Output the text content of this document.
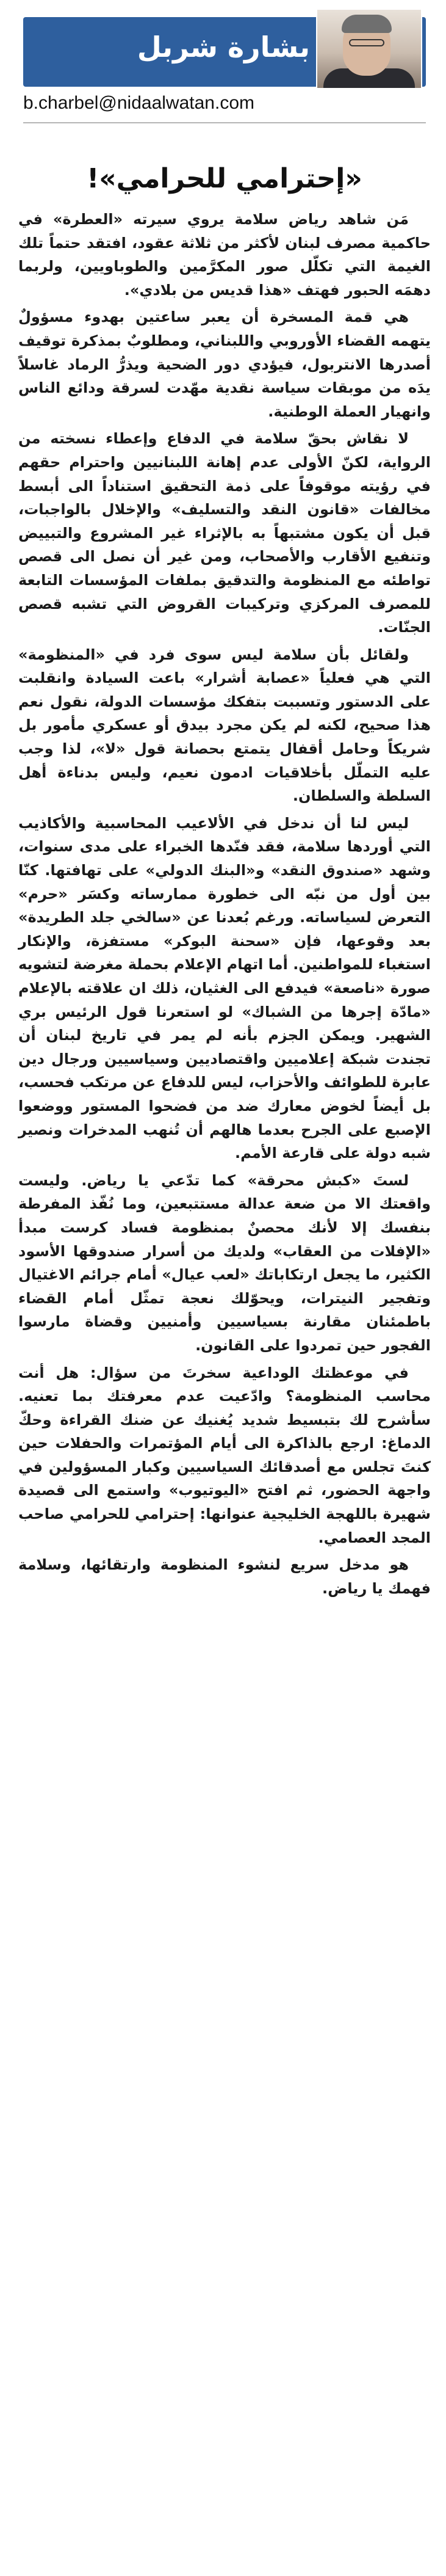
بشارة شربل
b.charbel@nidaalwatan.com
«إحترامي للحرامي»!

مَن شاهد رياض سلامة يروي سيرته «العطرة» في حاكمية مصرف لبنان لأكثر من ثلاثة عقود، افتقد حتماً تلك الغيمة التي تكلّل صور المكرَّمين والطوباويين، ولربما دهمَه الحبور فهتف «هذا قديس من بلادي».

هي قمة المسخرة أن يعبر ساعتين بهدوء مسؤولٌ يتهمه القضاء الأوروبي واللبناني، ومطلوبٌ بمذكرة توقيف أصدرها الانتربول، فيؤدي دور الضحية ويذرُّ الرماد غاسلاً يدَه من موبقات سياسة نقدية مهّدت لسرقة ودائع الناس وانهيار العملة الوطنية.

لا نقاش بحقّ سلامة في الدفاع وإعطاء نسخته من الرواية، لكنّ الأولى عدم إهانة اللبنانيين واحترام حقهم في رؤيته موقوفاً على ذمة التحقيق استناداً الى أبسط مخالفات «قانون النقد والتسليف» والإخلال بالواجبات، قبل أن يكون مشتبهاً به بالإثراء غير المشروع والتبييض وتنفيع الأقارب والأصحاب، ومن غير أن نصل الى قصص تواطئه مع المنظومة والتدقيق بملفات المؤسسات التابعة للمصرف المركزي وتركيبات القروض التي تشبه قصص الجنّات.

ولقائل بأن سلامة ليس سوى فرد في «المنظومة» التي هي فعلياً «عصابة أشرار» باعت السيادة وانقلبت على الدستور وتسببت بتفكك مؤسسات الدولة، نقول نعم هذا صحيح، لكنه لم يكن مجرد بيدق أو عسكري مأمور بل شريكاً وحامل أقفال يتمتع بحصانة قول «لا»، لذا وجب عليه التملّل بأخلاقيات ادمون نعيم، وليس بدناءة أهل السلطة والسلطان.

ليس لنا أن ندخل في الألاعيب المحاسبية والأكاذيب التي أوردها سلامة، فقد فنّدها الخبراء على مدى سنوات، وشهد «صندوق النقد» و«البنك الدولي» على تهافتها. كنّا بين أول من نبّه الى خطورة ممارساته وكسَر «حرم» التعرض لسياساته. ورغم بُعدنا عن «سالخي جلد الطريدة» بعد وقوعها، فإن «سحنة البوكر» مستفزة، والإنكار استغباء للمواطنين. أما اتهام الإعلام بحملة مغرضة لتشويه صورة «ناصعة» فيدفع الى الغثيان، ذلك ان علاقته بالإعلام «مادّة إجرها من الشباك» لو استعرنا قول الرئيس بري الشهير. ويمكن الجزم بأنه لم يمر في تاريخ لبنان أن تجندت شبكة إعلاميين واقتصاديين وسياسيين ورجال دين عابرة للطوائف والأحزاب، ليس للدفاع عن مرتكب فحسب، بل أيضاً لخوض معارك ضد من فضحوا المستور ووضعوا الإصبع على الجرح بعدما هالهم أن تُنهب المدخرات ونصير شبه دولة على قارعة الأمم.

لستَ «كبش محرقة» كما تدّعي يا رياض. وليست واقعتك الا من ضعة عدالة مستتبعين، وما نُفّذ المفرطة بنفسك إلا لأنك محصنٌ بمنظومة فساد كرست مبدأ «الإفلات من العقاب» ولديك من أسرار صندوقها الأسود الكثير، ما يجعل ارتكاباتك «لعب عيال» أمام جرائم الاغتيال وتفجير النيترات، ويحوّلك نعجة تمثّل أمام القضاء باطمئنان مقارنة بسياسيين وأمنيين وقضاة مارسوا الفجور حين تمردوا على القانون.

في موعظتك الوداعية سخرتَ من سؤال: هل أنت محاسب المنظومة؟ وادّعيت عدم معرفتك بما تعنيه. سأشرح لك بتبسيط شديد يُغنيك عن ضنك القراءة وحكّ الدماغ: ارجع بالذاكرة الى أيام المؤتمرات والحفلات حين كنتَ تجلس مع أصدقائك السياسيين وكبار المسؤولين في واجهة الحضور، ثم افتح «اليوتيوب» واستمع الى قصيدة شهيرة باللهجة الخليجية عنوانها: إحترامي للحرامي صاحب المجد العصامي.

هو مدخل سريع لنشوء المنظومة وارتقائها، وسلامة فهمك يا رياض.
